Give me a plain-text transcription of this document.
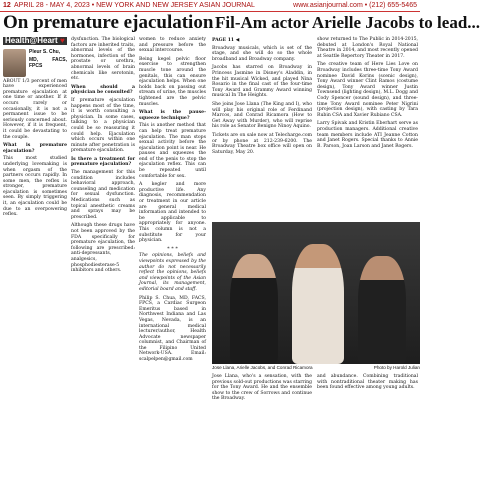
12 APRIL 28 - MAY 4, 2023 • NEW YORK AND NEW JERSEY ASIAN JOURNAL	www.asianjournal.com • (212) 655-5465
On premature ejaculation
Health@Heart ♥
Pleur S. Chu,
MD, FACS, FPCS

ABOUT 1/3 percent of men have experienced premature ejaculation at one time or another. If it occurs rarely or occasionally, it is not a permanent issue to be seriously concerned about. However, if it is frequent, it could be devastating to the couple.

What is premature ejaculation?

This most studied underlying lovemaking is when orgasm of the partners occurs rapidly. In some men, the reflex is stronger, premature ejaculation is sometimes seen. By simply triggering it, an ejaculation could be due to an overpowering reflex.

dysfunction. The biological factors are inherited traits, abnormal levels of the hormones, infection of the prostate or urethra, abnormal levels of brain chemicals like serotonin, etc.

When should a physician be consulted?

If premature ejaculation happens most of the time, it is worth consulting a physician. In some cases, talking to a physician could be so reassuring it could help. Ejaculation which occurs within one minute after penetration is premature ejaculation.

Is there a treatment for premature ejaculation?

The management for this condition includes behavioral approach, counseling and medication for sexual dysfunction. Medications such as topical anesthetic creams and sprays may be prescribed.

Although these drugs have not been approved by the FDA specifically for premature ejaculation, the following are prescribed: anti-depressants, analgesics, phosphodiesterase-5 inhibitors and others.

women to reduce anxiety and pressure before the sexual intercourse.

Being kegel pelvic floor exercise to strengthen muscle tone around the genitals, this can ensure ejaculation helps. When one holds back on passing out stream of urine, the muscles tightened are the pelvic muscles.

What is the pause-squeeze technique?

This is another method that can help treat premature ejaculation. The man stops sexual activity before the ejaculation point is near. He pauses and squeezes the end of the penis to stop the ejaculation reflex. This can be repeated until comfortable for sex.

A kegler and more productive life. Any diagnosis, recommendation or treatment in our article are general medical information and intended to be applicable to appropriately for anyone. This column is not a substitute for your physician.

* * *

The opinions, beliefs and viewpoints expressed by the author do not necessarily reflect the opinions, beliefs and viewpoints of the Asian Journal, its management, editorial board and staff.

Philip S. Chua, MD, FACS, FPCS, a Cardiac Surgeon Emeritus based in Northwest Indiana and Las Vegas, Nevada, is an international medical lecturer/author, Health Advocate newspaper columnist, and Chairman of the Filipino United Network-USA. Email: scalpelpen@gmail.com

Fil-Am actor Arielle Jacobs to lead...
PAGE 11 ◀

Broadway musicals, which is set of the stage, and she will do so the whole broadband and Broadway company.

Jacobs has starred on Broadway in Princess Jasmine in Disney's Aladdin, in the hit musical Wicked, and played Nina Rosario in the final cast of the four-time Tony Award and Grammy Award winning musical In The Heights.

She joins Jose Llana (The King and I), who will play his original role of Ferdinand Marcos, and Conrad Ricamora (How to Get Away with Murder), who will reprise his role as Senator Benigno Ninoy Aquino.

Tickets are on sale now at Telecharge.com or by phone at 212-239-6200. The Broadway Theatre box office will open on Saturday, May 20.

show returned to The Public in 2014-2015, debuted at London's Royal National Theatre in 2014, and most recently opened at Seattle Repertory Theater in 2017.

The creative team of Here Lies Love on Broadway includes three-time Tony Award nominee David Korins (scenic design), Tony Award winner Clint Ramos (costume design), Tony Award winner Justin Townsend (lighting design), M.L. Dogg and Cody Spencer (sound design), and three-time Tony Award nominee Peter Nigrini (projection design), with casting by Tara Rubin CSA and Xavier Rubiano CSA.

Larry Spivak and Kristin Eberhart serve as production managers. Additional creative team members include ATI Jeanne Cotton and Janet Rogers. Special thanks to Annie B. Parson, Joan Larson and Janet Rogers.

Jose Llana, Arielle Jacobs, and Conrad Ricamora	Photo by Harold Julian

Jose Llana, who's a sensation, with the previous sold-out productions was starring for the Tony Award. He and the ensemble show to the crew of Sorrows and continue the Broadway.

and abundance. Combining traditional with nontraditional theater making has been found effective among young adults.
